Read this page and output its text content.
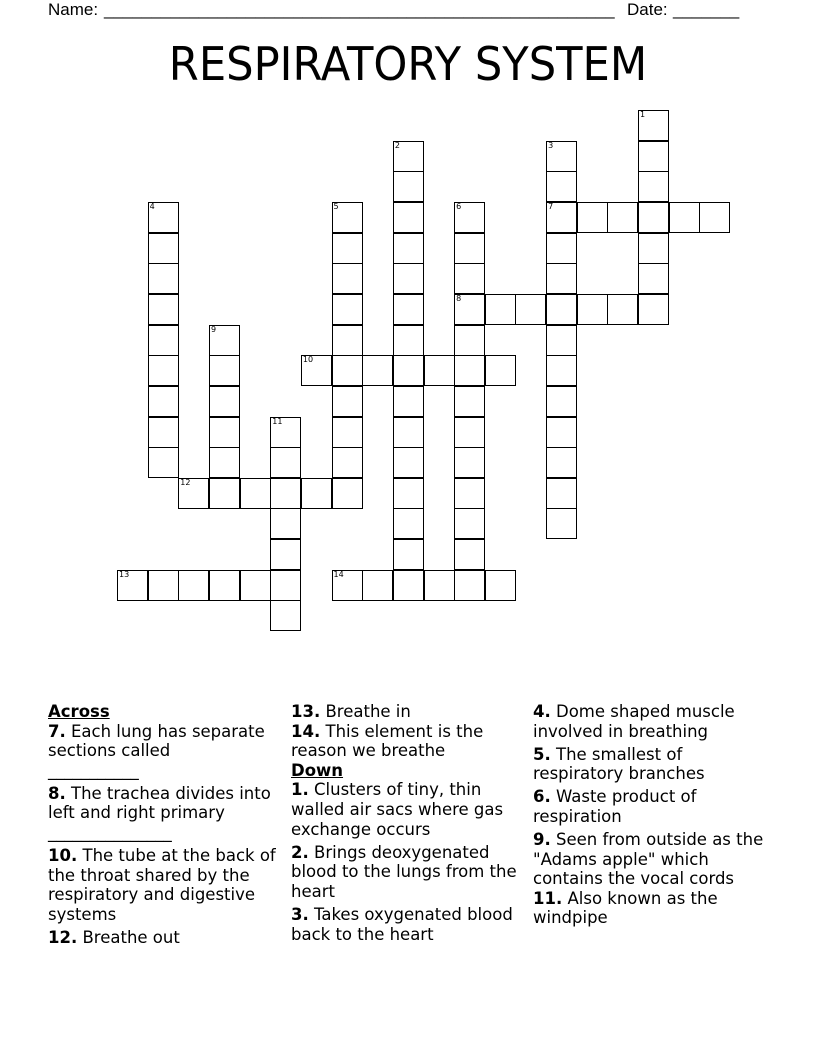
Name: ______________________________________________________ Date: _______
RESPIRATORY SYSTEM
1
2	3
7
4	5	6
8
9
10
11
12
13	14
Across
7. Each lung has separate sections called
___________
8. The trachea divides into left and right primary
_______________
10. The tube at the back of the throat shared by the respiratory and digestive systems
12. Breathe out
13. Breathe in
14. This element is the reason we breathe
Down
1. Clusters of tiny, thin walled air sacs where gas exchange occurs
2. Brings deoxygenated blood to the lungs from the heart
3. Takes oxygenated blood back to the heart
4. Dome shaped muscle involved in breathing
5. The smallest of respiratory branches
6. Waste product of respiration
9. Seen from outside as the "Adams apple" which contains the vocal cords
11. Also known as the windpipe
